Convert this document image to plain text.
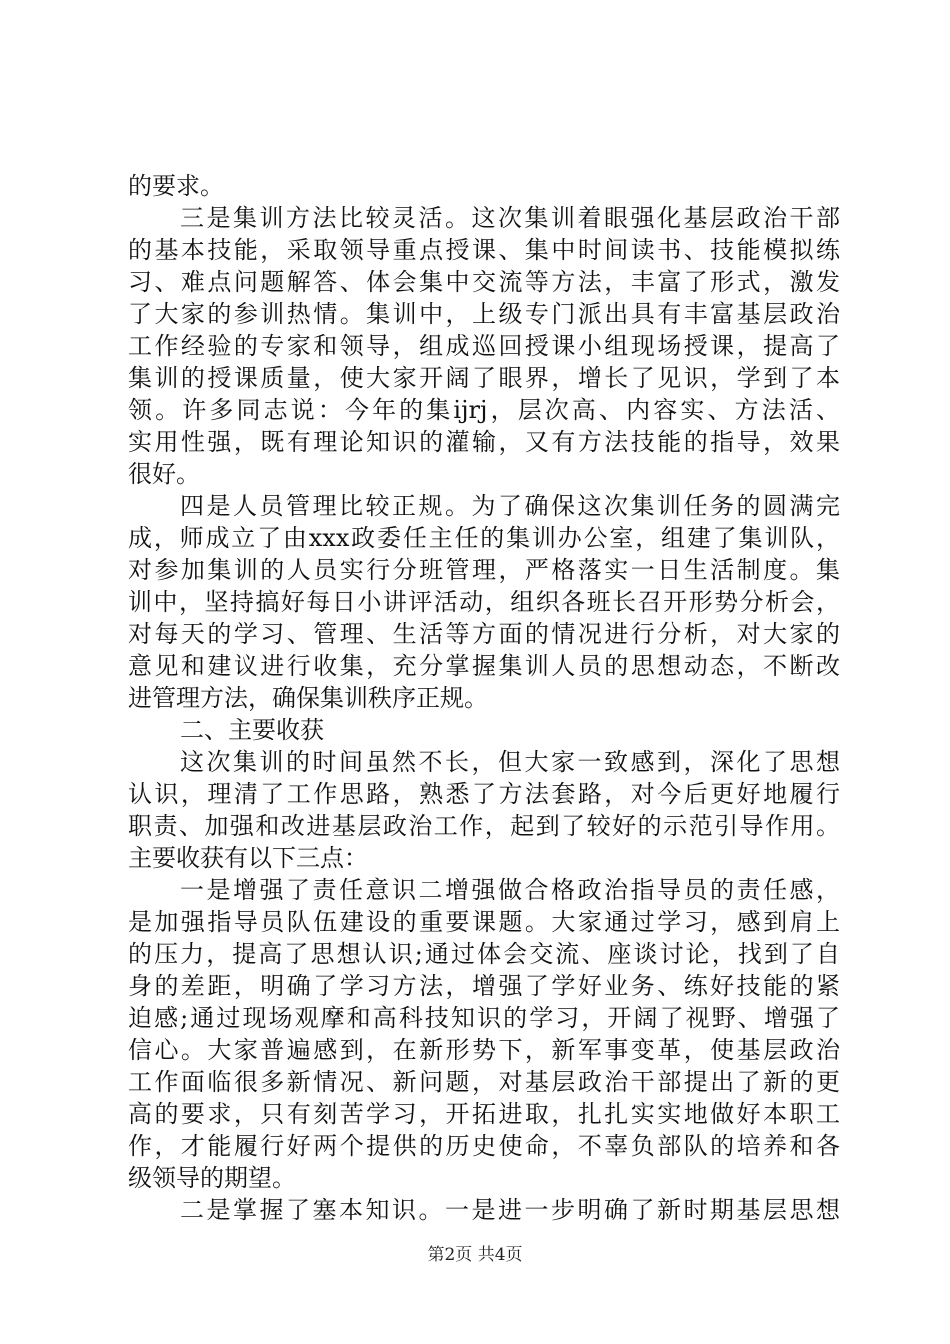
的要求。
三是集训方法比较灵活。这次集训着眼强化基层政治干部
的基本技能，采取领导重点授课、集中时间读书、技能模拟练
习、难点问题解答、体会集中交流等方法，丰富了形式，激发
了大家的参训热情。集训中，上级专门派出具有丰富基层政治
工作经验的专家和领导，组成巡回授课小组现场授课，提高了
集训的授课质量，使大家开阔了眼界，增长了见识，学到了本
领。许多同志说：今年的集ijrj，层次高、内容实、方法活、
实用性强，既有理论知识的灌输，又有方法技能的指导，效果
很好。
四是人员管理比较正规。为了确保这次集训任务的圆满完
成，师成立了由xxx政委任主任的集训办公室，组建了集训队，
对参加集训的人员实行分班管理，严格落实一日生活制度。集
训中，坚持搞好每日小讲评活动，组织各班长召开形势分析会，
对每天的学习、管理、生活等方面的情况进行分析，对大家的
意见和建议进行收集，充分掌握集训人员的思想动态，不断改
进管理方法，确保集训秩序正规。
二、主要收获
这次集训的时间虽然不长，但大家一致感到，深化了思想
认识，理清了工作思路，熟悉了方法套路，对今后更好地履行
职责、加强和改进基层政治工作，起到了较好的示范引导作用。
主要收获有以下三点：
一是增强了责任意识二增强做合格政治指导员的责任感，
是加强指导员队伍建设的重要课题。大家通过学习，感到肩上
的压力，提高了思想认识;通过体会交流、座谈讨论，找到了自
身的差距，明确了学习方法，增强了学好业务、练好技能的紧
迫感;通过现场观摩和高科技知识的学习，开阔了视野、增强了
信心。大家普遍感到，在新形势下，新军事变革，使基层政治
工作面临很多新情况、新问题，对基层政治干部提出了新的更
高的要求，只有刻苦学习，开拓进取，扎扎实实地做好本职工
作，才能履行好两个提供的历史使命，不辜负部队的培养和各
级领导的期望。
二是掌握了塞本知识。一是进一步明确了新时期基层思想
第2页 共4页
